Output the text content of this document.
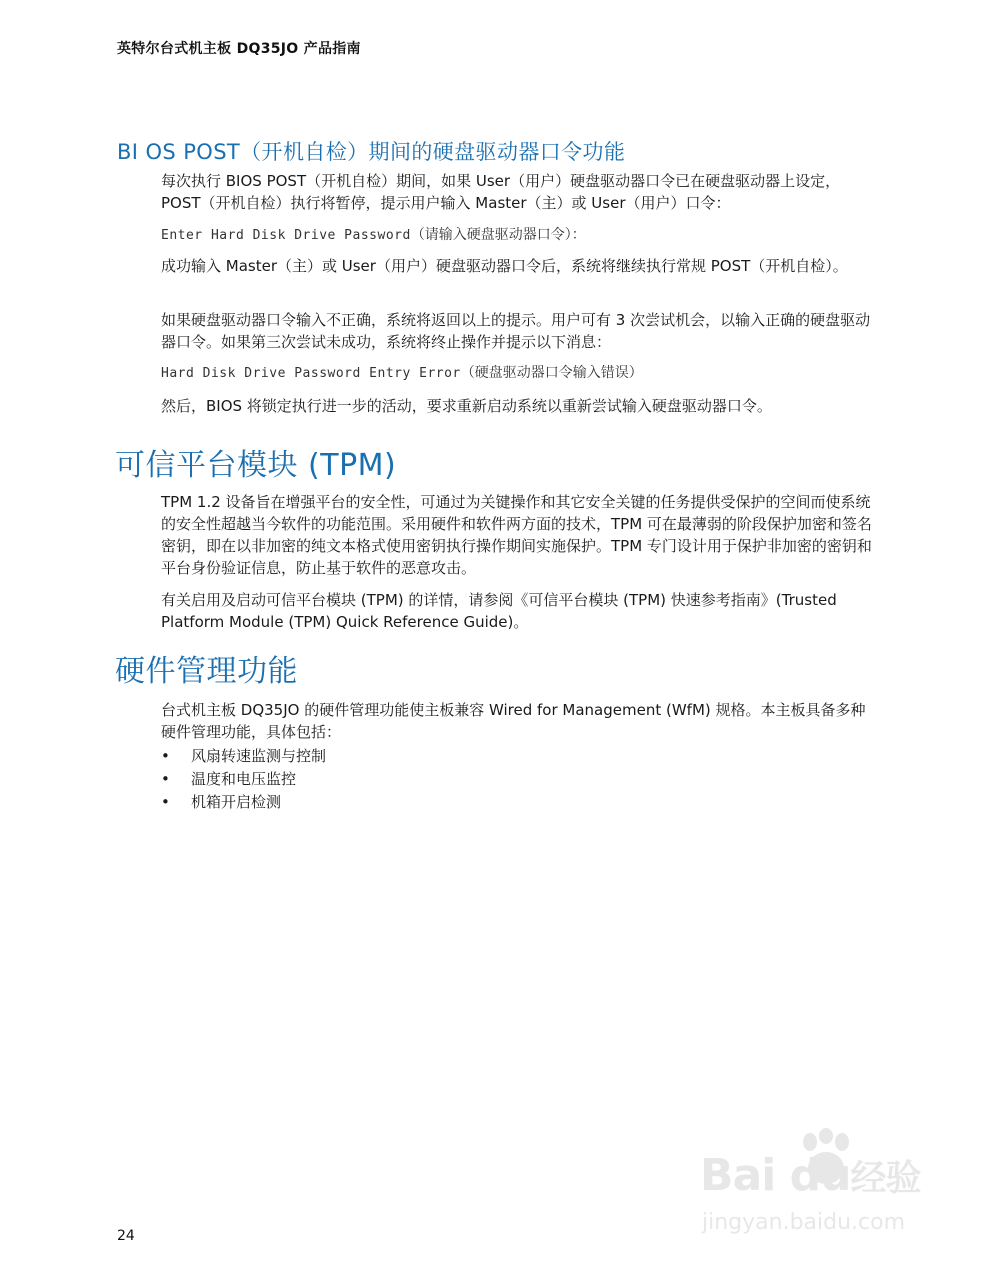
英特尔台式机主板 DQ35JO 产品指南
BI OS POST（开机自检）期间的硬盘驱动器口令功能
每次执行 BIOS POST（开机自检）期间，如果 User（用户）硬盘驱动器口令已在硬盘驱动器上设定，POST（开机自检）执行将暂停，提示用户输入 Master（主）或 User（用户）口令：
Enter Hard Disk Drive Password（请输入硬盘驱动器口令）：
成功输入 Master（主）或 User（用户）硬盘驱动器口令后，系统将继续执行常规 POST（开机自检）。
如果硬盘驱动器口令输入不正确，系统将返回以上的提示。用户可有 3 次尝试机会，以输入正确的硬盘驱动器口令。如果第三次尝试未成功，系统将终止操作并提示以下消息：
Hard Disk Drive Password Entry Error（硬盘驱动器口令输入错误）
然后，BIOS 将锁定执行进一步的活动，要求重新启动系统以重新尝试输入硬盘驱动器口令。
可信平台模块 (TPM)
TPM 1.2 设备旨在增强平台的安全性，可通过为关键操作和其它安全关键的任务提供受保护的空间而使系统的安全性超越当今软件的功能范围。采用硬件和软件两方面的技术，TPM 可在最薄弱的阶段保护加密和签名密钥，即在以非加密的纯文本格式使用密钥执行操作期间实施保护。TPM 专门设计用于保护非加密的密钥和平台身份验证信息，防止基于软件的恶意攻击。
有关启用及启动可信平台模块 (TPM) 的详情，请参阅《可信平台模块 (TPM) 快速参考指南》(Trusted Platform Module (TPM) Quick Reference Guide)。
硬件管理功能
台式机主板 DQ35JO 的硬件管理功能使主板兼容 Wired for Management (WfM) 规格。本主板具备多种硬件管理功能，具体包括：
• 风扇转速监测与控制
• 温度和电压监控
• 机箱开启检测
24
Bai du经验
jingyan.baidu.com
